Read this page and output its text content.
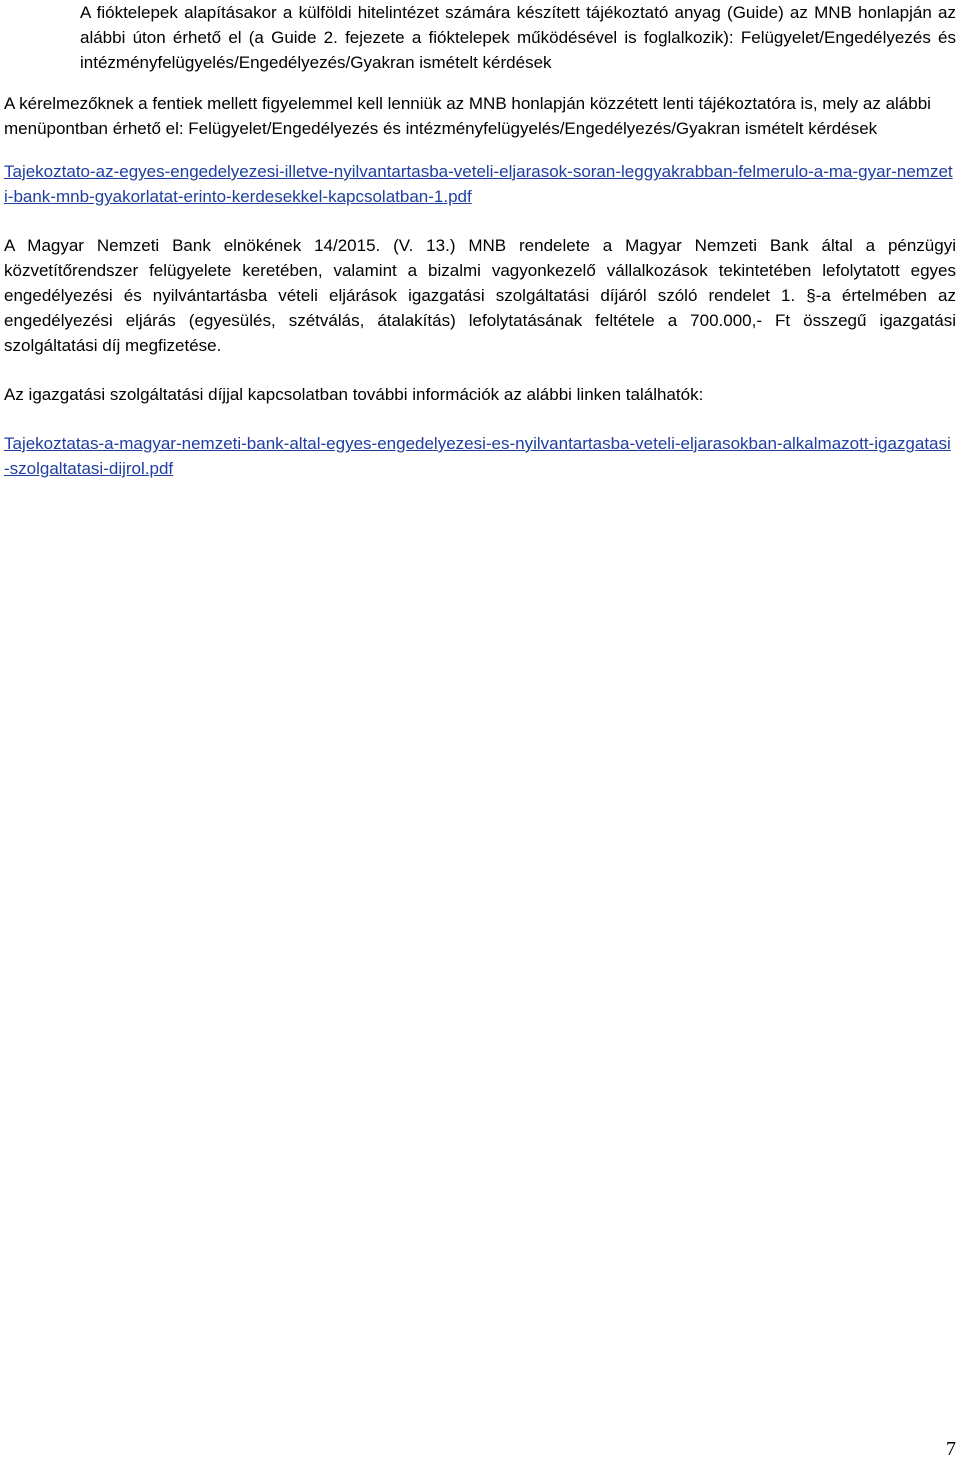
A fióktelepek alapításakor a külföldi hitelintézet számára készített tájékoztató anyag (Guide) az MNB honlapján az alábbi úton érhető el (a Guide 2. fejezete a fióktelepek működésével is foglalkozik): Felügyelet/Engedélyezés és intézményfelügyelés/Engedélyezés/Gyakran ismételt kérdések

A kérelmezőknek a fentiek mellett figyelemmel kell lenniük az MNB honlapján közzétett lenti tájékoztatóra is, mely az alábbi menüpontban érhető el: Felügyelet/Engedélyezés és intézményfelügyelés/Engedélyezés/Gyakran ismételt kérdések

Tajekoztato-az-egyes-engedelyezesi-illetve-nyilvantartasba-veteli-eljarasok-soran-leggyakrabban-felmerulo-a-ma-gyar-nemzeti-bank-mnb-gyakorlatat-erinto-kerdesekkel-kapcsolatban-1.pdf

A Magyar Nemzeti Bank elnökének 14/2015. (V. 13.) MNB rendelete a Magyar Nemzeti Bank által a pénzügyi közvetítőrendszer felügyelete keretében, valamint a bizalmi vagyonkezelő vállalkozások tekintetében lefolytatott egyes engedélyezési és nyilvántartásba vételi eljárások igazgatási szolgáltatási díjáról szóló rendelet 1. §-a értelmében az engedélyezési eljárás (egyesülés, szétválás, átalakítás) lefolytatásának feltétele a 700.000,- Ft összegű igazgatási szolgáltatási díj megfizetése.

Az igazgatási szolgáltatási díjjal kapcsolatban további információk az alábbi linken találhatók:

Tajekoztatas-a-magyar-nemzeti-bank-altal-egyes-engedelyezesi-es-nyilvantartasba-veteli-eljarasokban-alkalmazott-igazgatasi-szolgaltatasi-dijrol.pdf

7
